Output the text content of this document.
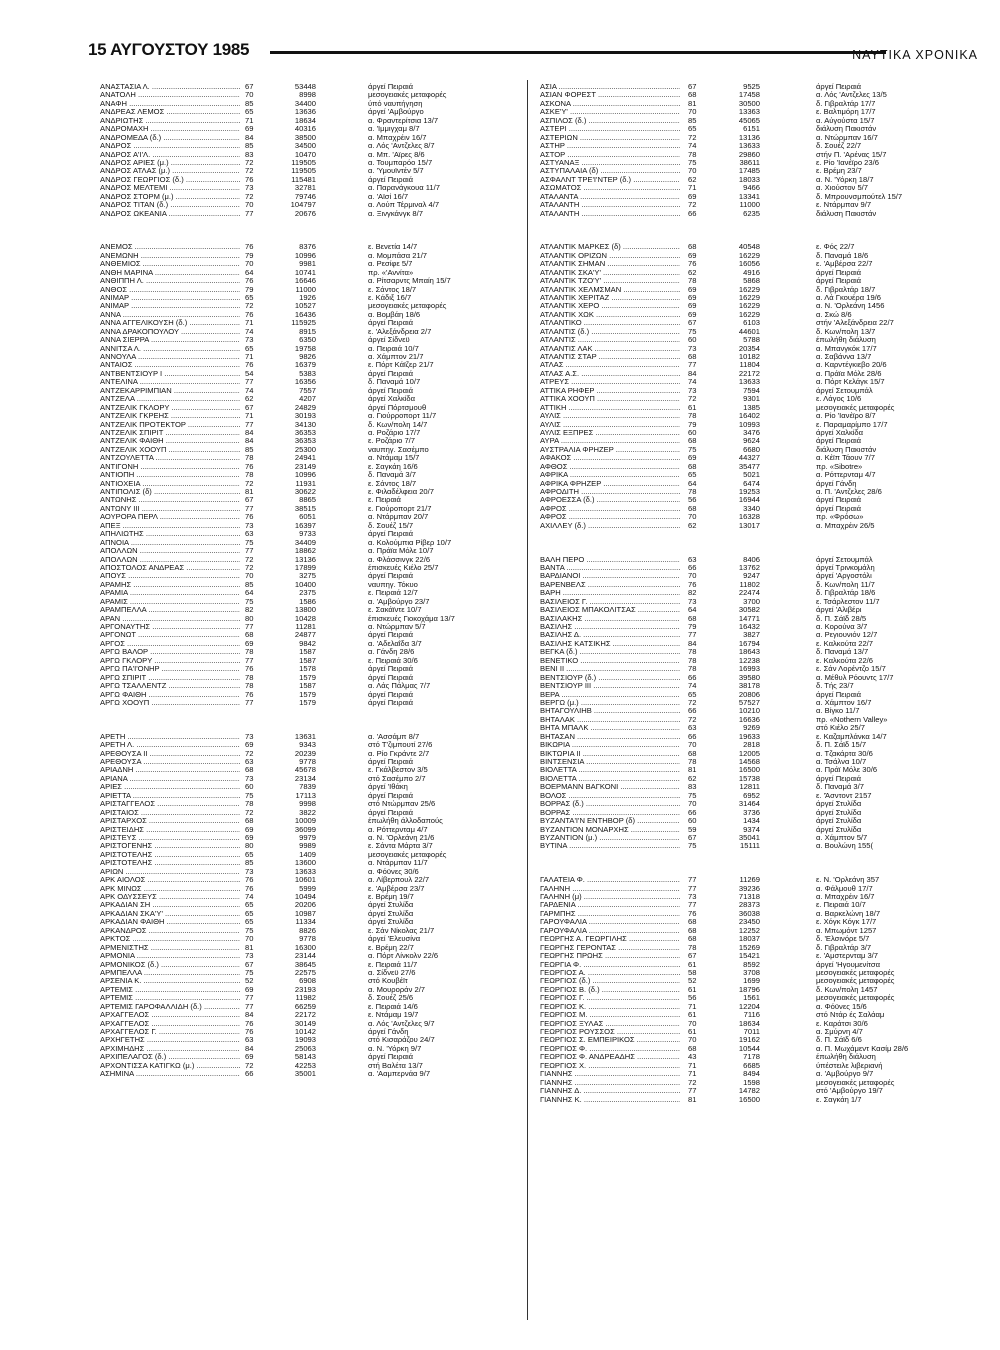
15 ΑΥΓΟΥΣΤΟΥ 1985	ΝΑΥΤΙΚΑ ΧΡΟΝΙΚΑ
ΑΝΑΣΤΑΣΙΑ Λ. .....	67	53448	άργεί Πειραιά
ΑΝΑΤΟΛΗ .....	70	8998	μεσογειακές μεταφορές
ΑΝΑΦΗ .....	85	34400	ύπό ναυπήγηση
ΑΝΔΡΕΑΣ ΛΕΜΟΣ .....	65	13636	άργεί 'Αμβούργο
ΑΝΔΡΙΩΤΗΣ .....	71	18634	α. Φραντερίτσια 13/7
ΑΝΔΡΟΜΑΧΗ .....	69	40316	α. 'Ιμμιγχαμ 8/7
ΑΝΔΡΟΜΕΔΑ (δ.) .....	84	38500	α. Μπαχρέιν 16/7
ΑΝΔΡΟΣ .....	85	34500	α. Λός 'Αντζελες 8/7
ΑΝΔΡΟΣ Α'Ι'Λ. .....	83	10470	α. Μπ. 'Αϊρες 8/6
ΑΝΔΡΟΣ ΑΡΙΕΣ (μ.) .....	72	119505	α. Τουμπαρόο 15/7
ΑΝΔΡΟΣ ΑΤΛΑΣ (μ.) .....	72	119505	α. 'Υμουϊντέν 5/7
ΑΝΔΡΟΣ ΓΕΩΡΓΙΟΣ (δ.) .....	76	115481	άργεί Πειραιά
ΑΝΔΡΟΣ ΜΕΛΤΕΜΙ .....	73	32781	α. Παρανάγκουα 11/7
ΑΝΔΡΟΣ ΣΤΟΡΜ (μ.) .....	72	79746	α. 'Αϊσί 16/7
ΑΝΔΡΟΣ ΤΙΤΑΝ (δ.) .....	70	104797	α. Λούπ Τέρμιναλ 4/7
ΑΝΔΡΟΣ ΩΚΕΑΝΙΑ .....	77	20676	α. Ξινγκάνγκ 8/7
ΑΝΕΜΟΣ .....	76	8376	ε. Βενετία 14/7
ΑΝΕΜΩΝΗ .....	79	10996	α. Μομπάσα 21/7
ΑΝΘΕΜΙΟΣ .....	70	9981	α. Ρεσίφε 5/7
ΑΝΘΗ ΜΑΡΙΝΑ .....	64	10741	πρ. «'Αννίτα»
ΑΝΘΙΠΠΗ Λ. .....	76	16646	α. Ρίτσαρντς Μπαίη 15/7
ΑΝΘΟΣ .....	79	11000	ε. Σάντος 18/7
ΑΝΙΜΑΡ .....	65	1926	ε. Κάδιξ 16/7
ΑΝΙΜΑΡ .....	72	10527	μεσογειακές μεταφορές
ΑΝΝΑ .....	76	16436	α. Βομβάη 18/6
ΑΝΝΑ ΑΓΓΕΛΙΚΟΥΣΗ (δ.) .....	71	115925	άργεί Πειραιά
ΑΝΝΑ ΔΡΑΚΟΠΟΥΛΟΥ .....	74	8915	ε. 'Αλεξάνδρεια 2/7
ΑΝΝΑ ΣΙΕΡΡΑ .....	73	6350	άργεί Σίδνεϋ
ΑΝΝΙΤΣΑ Λ. .....	65	19758	α. Πειραιά 10/7
ΑΝΝΟΥΛΑ .....	71	9826	α. Χάμπτον 21/7
ΑΝΤΑΙΟΣ .....	76	16379	ε. Πόρτ Κάϊζερ 21/7
ΑΝΤΒΕΝΤΣΙΟΥΡ Ι .....	54	5383	άργεί Πειραιά
ΑΝΤΕΛΙΝΑ .....	77	16356	δ. Παναμά 10/7
ΑΝΤΖΕΚΑΡΡΙΜΠΙΑΝ .....	74	7557	άργεί Πειραιά
ΑΝΤΖΕΛΑ .....	62	4207	άργεί Χαλκίδα
ΑΝΤΖΕΛΙΚ ΓΚΛΟΡΥ .....	67	24829	άργεί Πόρτσμουθ
ΑΝΤΖΕΛΙΚ ΓΚΡΕΗΣ .....	71	30193	α. Γιούρροπορτ 11/7
ΑΝΤΖΕΛΙΚ ΠΡΟΤΕΚΤΟΡ .....	77	34130	δ. Κων/πολη 14/7
ΑΝΤΖΕΛΙΚ ΣΠΙΡΙΤ .....	84	36353	α. Ροζάριο 17/7
ΑΝΤΖΕΛΙΚ ΦΑΙΘΗ .....	84	36353	ε. Ροζάριο 7/7
ΑΝΤΖΕΛΙΚ ΧΟΟΥΠ .....	85	25300	ναυπηγ. Σασέμπο
ΑΝΤΖΟΥΛΕΤΤΑ .....	78	24941	α. Ντάμαμ 15/7
ΑΝΤΙΓΟΝΗ .....	76	23149	ε. Σαγκάη 16/6
ΑΝΤΙΟΠΗ .....	78	10996	δ. Παναμά 3/7
ΑΝΤΙΟΧΕΙΑ .....	72	11931	ε. Σάντος 18/7
ΑΝΤΙΠΟΛΙΣ (δ) .....	81	30622	ε. Φιλαδέλφεια 20/7
ΑΝΤΩΝΗΣ .....	67	8865	ε. Πειραιά
ΑΝΤΩΝΥ ΙΙΙ .....	77	38515	ε. Γιούροπορτ 21/7
ΑΟΥΡΟΡΑ ΠΕΡΛ .....	76	6051	α. Ντάρμπαν 20/7
ΑΠΕΞ .....	73	16397	δ. Σουέζ 15/7
ΑΠΗΛΙΩΤΗΣ .....	63	9733	άργεί Πειραιά
ΑΠΝΟΙΑ .....	75	34409	α. Κολούμπια Ρίβερ 10/7
ΑΠΟΛΛΩΝ .....	77	18862	α. Πράϊα Μόλε 10/7
ΑΠΟΛΛΩΝ .....	72	13136	α. Φλάσσινγκ 22/6
ΑΠΟΣΤΟΛΟΣ ΑΝΔΡΕΑΣ .....	72	17899	έπισκευές Κιέλο 25/7
ΑΠΟΥΣ .....	70	3275	άργεί Πειραιά
ΑΡΑΜΗΣ .....	85	10400	ναυπηγ. Τόκυο
ΑΡΑΜΙΑ .....	64	2375	ε. Πειραιά 12/7
ΑΡΑΜΙΣ .....	75	1586	α. 'Αμβούργο 23/7
ΑΡΑΜΠΕΛΛΑ .....	82	13800	ε. Σακάϊντε 10/7
ΑΡΑΝ .....	80	10428	έπισκευές Γιοκοχάμα 13/7
ΑΡΓΟΝΑΥΤΗΣ .....	77	11281	α. Ντώρμπαν 5/7
ΑΡΓΟΝΩΤ .....	68	24877	άργεί Πειραιά
ΑΡΓΟΣ .....	69	9842	α. 'Αδελαΐδα 3/7
ΑΡΓΩ ΒΑΛΟΡ .....	78	1587	α. Γάνδη 28/6
ΑΡΓΩ ΓΚΛΟΡΥ .....	77	1587	ε. Πειραιά 30/6
ΑΡΓΩ ΠΑ'Ι'ΟΝΗΡ .....	76	1578	άργεί Πειραιά
ΑΡΓΩ ΣΠΙΡΙΤ .....	78	1579	άργεί Πειραιά
ΑΡΓΩ ΤΣΑΛΛΕΝΤΖ .....	78	1587	α. Λάς Πάλμας 7/7
ΑΡΓΩ ΦΑΙΘΗ .....	76	1579	άργεί Πειραιά
ΑΡΓΩ ΧΟΟΥΠ .....	77	1579	άργεί Πειραιά
ΑΡΕΤΗ .....	73	13631	α. 'Ασσάμπ 8/7
ΑΡΕΤΗ Λ. .....	69	9343	στό Τ'ζιμπουτί 27/6
ΑΡΕΘΟΥΣΑ ΙΙ .....	72	20239	α. Ρίο Γκράντε 2/7
ΑΡΕΘΟΥΣΑ .....	63	9778	άργεί Πειραιά
ΑΡΙΑΔΝΗ .....	68	45678	ε. Γκάλβεστον 3/5
ΑΡΙΑΝΑ .....	73	23134	στό Σασέμπο 2/7
ΑΡΙΕΣ .....	60	7839	άργεί 'Ιθάκη
ΑΡΙΕΤΤΑ .....	75	17113	άργεί Πειραιά
ΑΡΙΣΤΑΓΓΕΛΟΣ .....	78	9998	στό Ντώρμπαν 25/6
ΑΡΙΣΤΑΙΟΣ .....	72	3822	άργεί Πειραιά
ΑΡΙΣΤΑΡΧΟΣ .....	68	10009	έπωλήθη άλλοδαπούς
ΑΡΙΣΤΕΙΔΗΣ .....	69	36099	α. Ρόττερνταμ 4/7
ΑΡΙΣΤΕΥΣ .....	69	9979	α. Ν. 'Ορλεάνη 21/6
ΑΡΙΣΤΟΓΕΝΗΣ .....	80	9989	ε. Σάντα Μάρτα 3/7
ΑΡΙΣΤΟΤΕΛΗΣ .....	65	1409	μεσογειακές μεταφορές
ΑΡΙΣΤΟΤΕΛΗΣ .....	85	13600	α. Ντάρμπαν 11/7
ΑΡΙΩΝ .....	73	13633	α. Φόϋνες 30/6
ΑΡΚ ΑΙΟΛΟΣ .....	76	10601	α. Λίβερπουλ 22/7
ΑΡΚ ΜΙΝΩΣ .....	76	5999	ε. 'Αμβέρσα 23/7
ΑΡΚ ΟΔΥΣΣΕΥΣ .....	74	10494	ε. Βρέμη 19/7
ΑΡΚΑΔΙΑΝ ΣΗ .....	65	20206	άργεί Στυλίδα
ΑΡΚΑΔΙΑΝ ΣΚΑ'Υ' .....	65	10987	άργεί Στυλίδα
ΑΡΚΑΔΙΑΝ ΦΑΙΘΗ .....	65	11334	άργεί Στυλίδα
ΑΡΚΑΝΔΡΟΣ .....	75	8826	ε. Σάν Νίκολας 21/7
ΑΡΚΤΟΣ .....	70	9778	άργεί 'Ελευσίνα
ΑΡΜΕΝΙΣΤΗΣ .....	81	16300	ε. Βρέμη 22/7
ΑΡΜΟΝΙΑ .....	73	23144	α. Πόρτ Λίνκολν 22/6
ΑΡΜΟΝΙΚΟΣ (δ.) .....	67	38645	ε. Πειραιά 11/7
ΑΡΜΠΕΛΛΑ .....	75	22575	α. Σίδνεϋ 27/6
ΑΡΣΕΝΙΑ Κ. .....	52	6908	στό Κουβέϊτ
ΑΡΤΕΜΙΣ .....	69	23193	α. Μουροράν 2/7
ΑΡΤΕΜΙΣ .....	77	11982	δ. Σουέζ 25/6
ΑΡΤΕΜΙΣ ΓΑΡΟΦΑΛΛΙΔΗ (δ.) .....	77	66259	ε. Πειραιά 14/6
ΑΡΧΑΓΓΕΛΟΣ .....	84	22172	ε. Ντάμαμ 19/7
ΑΡΧΑΓΓΕΛΟΣ .....	76	30149	α. Λός 'Αντζελες 9/7
ΑΡΧΑΓΓΕΛΟΣ Γ. .....	76	10142	άργεί Γάνδη
ΑΡΧΗΓΕΤΗΣ .....	63	19093	στό Κισαράζου 24/7
ΑΡΧΙΜΗΔΗΣ .....	84	25063	α. Ν. 'Υόρκη 9/7
ΑΡΧΙΠΕΛΑΓΟΣ (δ.) .....	69	58143	άργεί Πειραιά
ΑΡΧΟΝΤΙΣΣΑ ΚΑΤΙΓΚΩ (μ.) .....	72	42253	στή Βαλέτα 13/7
ΑΣΗΜΙΝΑ .....	66	35001	α. 'Ααμπερνάα 9/7
ΑΣΙΑ .....	67	9525	άργεί Πειραιά
ΑΣΙΑΝ ΦΟΡΕΣΤ .....	68	17458	α. Λός 'Αντζελες 13/5
ΑΣΚΟΝΑ .....	81	30500	δ. Γιβραλτάρ 17/7
ΑΣΚΕ'Υ' .....	70	13363	ε. Βαλτιμόρη 17/7
ΑΣΠΙΛΟΣ (δ.) .....	85	45065	α. Αύγούστα 15/7
ΑΣΤΕΡΙ .....	65	6151	διάλυση Πακιστάν
ΑΣΤΕΡΙΩΝ .....	72	13136	α. Ντώρμπαν 16/7
ΑΣΤΗΡ .....	74	13633	δ. Σουέζ 22/7
ΑΣΤΟΡ .....	78	29860	στήν Π. 'Αρένας 15/7
ΑΣΤΥΑΝΑΞ .....	75	38611	ε. Ρίο 'Ιανέϊρο 23/6
ΑΣΤΥΠΑΛΑΙΑ (δ) .....	70	17485	ε. Βρέμη 23/7
ΑΣΦΑΛΝΤ ΤΡΕ'Ι'ΝΤΕΡ (δ.) .....	62	18033	α. Ν. 'Υόρκη 18/7
ΑΣΩΜΑΤΟΣ .....	71	9466	α. Χιούστον 5/7
ΑΤΑΛΑΝΤΑ .....	69	13341	δ. Μπρουνσμπούτελ 15/7
ΑΤΑΛΑΝΤΗ .....	72	11000	ε. Ντάρμπαν 9/7
ΑΤΑΛΑΝΤΗ .....	66	6235	διάλυση Πακιστάν
ΑΤΛΑΝΤΙΚ ΜΑΡΚΕΣ (δ) .....	68	40548	ε. Φός 22/7
ΑΤΛΑΝΤΙΚ ΟΡΙΖΩΝ .....	69	16229	δ. Παναμά 18/6
ΑΤΛΑΝΤΙΚ ΣΗΜΑΝ .....	76	16056	ε. 'Αμβέρσα 22/7
ΑΤΛΑΝΤΙΚ ΣΚΑ'Υ' .....	62	4916	άργεί Πειραιά
ΑΤΛΑΝΤΙΚ ΤΖΟ'Υ' .....	78	5868	άργεί Πειραιά
ΑΤΛΑΝΤΙΚ ΧΕΛΜΣΜΑΝ .....	69	16229	δ. Γιβραλτάρ 18/7
ΑΤΛΑΝΤΙΚ ΧΕΡΙΤΑΖ .....	69	16229	α. Λά Γκουέρα 19/6
ΑΤΛΑΝΤΙΚ ΧΕΡΟ .....	69	16229	α. Ν. 'Ορλεάνη 1456
ΑΤΛΑΝΤΙΚ ΧΩΚ .....	69	16229	α. Σκώ 8/6
ΑΤΛΑΝΤΙΚΟ .....	67	6103	στήν 'Αλεξάνδρεια 22/7
ΑΤΛΑΝΤΙΣ (δ.) .....	75	44601	δ. Κων/πολη 13/7
ΑΤΛΑΝΤΙΣ .....	60	5788	έπωλήθη διάλυση
ΑΤΛΑΝΤΙΣ ΛΑΚ .....	73	20354	α. Μπανγκόκ 17/7
ΑΤΛΑΝΤΙΣ ΣΤΑΡ .....	68	10182	α. Σαβάννα 13/7
ΑΤΛΑΣ .....	77	11804	α. Καρντέγκιεβο 20/6
ΑΤΛΑΣ Α.Σ. .....	84	22172	α. Πράϊα Μόλε 28/6
ΑΤΡΕΥΣ .....	74	13633	α. Πόρτ Κελάγκ 15/7
ΑΤΤΙΚΑ ΡΗΦΕΡ .....	73	7594	άργεί Σετουμπάλ
ΑΤΤΙΚΑ ΧΟΟΥΠ .....	72	9301	ε. Λάγος 10/6
ΑΤΤΙΚΗ .....	61	1385	μεσογειακές μεταφορές
ΑΥΛΙΣ .....	78	16402	α. Ρίο 'Ιανέϊρο 8/7
ΑΥΛΙΣ .....	79	10993	ε. Παραμαρίμπο 17/7
ΑΥΛΙΣ ΕΞΠΡΕΣ .....	60	3476	άργεί Χαλκίδα
ΑΥΡΑ .....	68	9624	άργεί Πειραιά
ΑΥΣΤΡΑΛΙΑ ΦΡΗΖΕΡ .....	75	6680	διάλυση Πακιστάν
ΑΦΑΚΟΣ .....	69	44327	α. Κέϊπ Τάουν 7/7
ΑΦΘΟΣ .....	68	35477	πρ. «Sibotre»
ΑΦΡΙΚΑ .....	65	5021	α. Ρόττερνταμ 4/7
ΑΦΡΙΚΑ ΦΡΗΖΕΡ .....	64	6474	άργεί Γάνδη
ΑΦΡΟΔΙΤΗ .....	78	19253	α. Π. 'Αντζελες 28/6
ΑΦΡΟΕΣΣΑ (δ.) .....	56	16944	άργεί Πειραιά
ΑΦΡΟΣ .....	68	3340	άργεί Πειραιά
ΑΦΡΟΣ .....	70	16328	πρ. «Φρόσω»
ΑΧΙΛΛΕΥ (δ.) .....	62	13017	α. Μπαχρέιν 26/5
ΒΑΛΗ ΠΕΡΟ .....	63	8406	άργεί Σετουμπάλ
ΒΑΝΤΑ .....	66	13762	άργεί Τρινκομάλη
ΒΑΡΔΙΑΝΟΙ .....	70	9247	άργεί 'Αργοστόλι
ΒΑΡΕΝΒΕΛΣ .....	76	11802	δ. Κων/πολη 11/7
ΒΑΡΗ .....	82	22474	δ. Γιβραλτάρ 18/6
ΒΑΣΙΛΕΙΟΣ Γ. .....	73	3700	ε. Τσάρλεστον 11/7
ΒΑΣΙΛΕΙΟΣ ΜΠΑΚΟΛΙΤΣΑΣ .....	64	30582	άργεί 'Αλιβέρι
ΒΑΣΙΛΑΚΗΣ .....	68	14771	δ. Π. Σάϊδ 28/5
ΒΑΣΙΛΗΣ .....	79	16432	α. Κορούνα 3/7
ΒΑΣΙΛΗΣ Δ. .....	77	3827	α. Ρεγιουνιόν 12/7
ΒΑΣΙΛΗΣ ΚΑΤΣΙΚΗΣ .....	84	16794	ε. Καλκούτα 22/7
ΒΕΓΚΑ (δ.) .....	78	18643	δ. Παναμά 13/7
ΒΕΝΕΤΙΚΟ .....	78	12238	ε. Καλκούτα 22/6
ΒΕΝΙ ΙΙ .....	78	16993	ε. Σάν Λορέντζο 15/7
ΒΕΝΤΣΙΟΥΡ (δ.) .....	66	39580	α. Μέθυλ Ρόουντς 17/7
ΒΕΝΤΣΙΟΥΡ ΙΙΙ .....	74	38178	δ. Τής 23/7
ΒΕΡΑ .....	65	20806	άργεί Πειραιά
ΒΕΡΓΩ (μ.) .....	72	57527	α. Χάμπτον 16/7
ΒΗΤΑΓΟΥΛΙΗΒ .....	66	10210	α. Βίγκο 11/7
ΒΗΤΑΛΑΚ .....	72	16636	πρ. «Nothern Valley»
ΒΗΤΑ ΜΠΑΛΚ .....	63	9269	στό Κιέλο 25/7
ΒΗΤΑΣΑΝ .....	66	19633	ε. Καζαμπλάνκα 14/7
ΒΙΚΩΡΙΑ .....	70	2818	δ. Π. Σάϊδ 15/7
ΒΙΚΤΩΡΙΑ ΙΙ .....	68	12005	α. Τζακάρτα 30/6
ΒΙΝΤΣΕΝΣΙΑ .....	78	14568	α. Τσάλνα 10/7
ΒΙΟΛΕΤΤΑ .....	81	16500	α. Πράϊ Μόλε 30/6
ΒΙΟΛΕΤΤΑ .....	62	15738	άργεί Πειραιά
ΒΟΕΡΜΑΝΝ ΒΑΓΚΟΝΙ .....	83	12811	δ. Παναμά 3/7
ΒΟΛΟΣ .....	75	6952	ε. 'Άσντοντ 2157
ΒΟΡΡΑΣ (δ.) .....	70	31464	άργεί Στυλίδα
ΒΟΡΡΑΣ .....	66	3736	άργεί Στυλίδα
ΒΥΖΑΝΤΑ'Ι'Ν ΕΝΤΗΒΟΡ (δ) .....	60	1434	άργεί Στυλίδα
ΒΥΖΑΝΤΙΟΝ ΜΟΝΑΡΧΗΣ .....	59	9374	άργεί Στυλίδα
ΒΥΖΑΝΤΙΟΝ (μ.) .....	67	35041	α. Χάμπτον 5/7
ΒΥΤΙΝΑ .....	75	15111	α. Βουλώνη 155(
ΓΑΛΑΤΕΙΑ Φ. .....	77	11269	ε. Ν. 'Ορλεάνη 357
ΓΑΛΗΝΗ .....	77	39236	α. Φάλμουθ 17/7
ΓΑΛΗΝΗ (μ) .....	73	71318	α. Μπαχρέιν 16/7
ΓΑΡΔΕΝΙΑ .....	77	28373	ε. Πειραιά 10/7
ΓΑΡΜΠΗΣ .....	76	36038	α. Βαρκελώνη 18/7
ΓΑΡΟΥΦΑΛΙΑ .....	68	23450	ε. Χόγκ Κόγκ 17/7
ΓΑΡΟΥΦΑΛΙΑ .....	68	12252	α. Μπωμόντ 1257
ΓΕΩΡΓΗΣ Α. ΓΕΩΡΓΙΛΗΣ .....	68	18037	δ. 'Ελσινόρε 5/7
ΓΕΩΡΓΗΣ ΓΕΡΟΝΤΑΣ .....	78	15269	δ. Γιβραλτάρ 3/7
ΓΕΩΡΓΗΣ ΠΡΩΗΣ .....	67	15421	ε. 'Αμστερνταμ 3/7
ΓΕΩΡΓΙΑ Φ. .....	61	8592	άργεί 'Ηγουμενίτσα
ΓΕΩΡΓΙΟΣ Α. .....	58	3708	μεσογειακές μεταφορές
ΓΕΩΡΓΙΟΣ (δ.) .....	52	1699	μεσογειακές μεταφορές
ΓΕΩΡΓΙΟΣ Β. (δ.) .....	61	18796	δ. Κων/πολη 1457
ΓΕΩΡΓΙΟΣ Γ. .....	56	1561	μεσογειακές μεταφορές
ΓΕΩΡΓΙΟΣ Κ. .....	71	12204	α. Φόϋνες 15/6
ΓΕΩΡΓΙΟΣ Μ. .....	61	7116	στό Ντάρ ές Σαλάαμ
ΓΕΩΡΓΙΟΣ ΞΥΛΑΣ .....	70	18634	ε. Καράτσι 30/6
ΓΕΩΡΓΙΟΣ ΡΟΥΣΣΟΣ .....	61	7011	α. Σμύρνη 4/7
ΓΕΩΡΓΙΟΣ Σ. ΕΜΠΕΙΡΙΚΟΣ .....	70	19162	δ. Π. Σάϊδ 6/6
ΓΕΩΡΓΙΟΣ Φ. .....	68	10544	α. Π. Μωχάμεντ Κασίμ 28/6
ΓΕΩΡΓΙΟΣ Φ. ΑΝΔΡΕΑΔΗΣ .....	43	7178	έπωλήθη διάλυση
ΓΕΩΡΓΙΟΣ Χ. .....	71	6685	ύπέστειλε λιβεριανή
ΓΙΑΝΝΗΣ .....	71	8494	α. 'Αμβούργο 9/7
ΓΙΑΝΝΗΣ .....	72	1598	μεσογειακές μεταφορές
ΓΙΑΝΝΗΣ Δ. .....	77	14782	στό 'Αμβούργο 19/7
ΓΙΑΝΝΗΣ Κ. .....	81	16500	ε. Σαγκάη 1/7
